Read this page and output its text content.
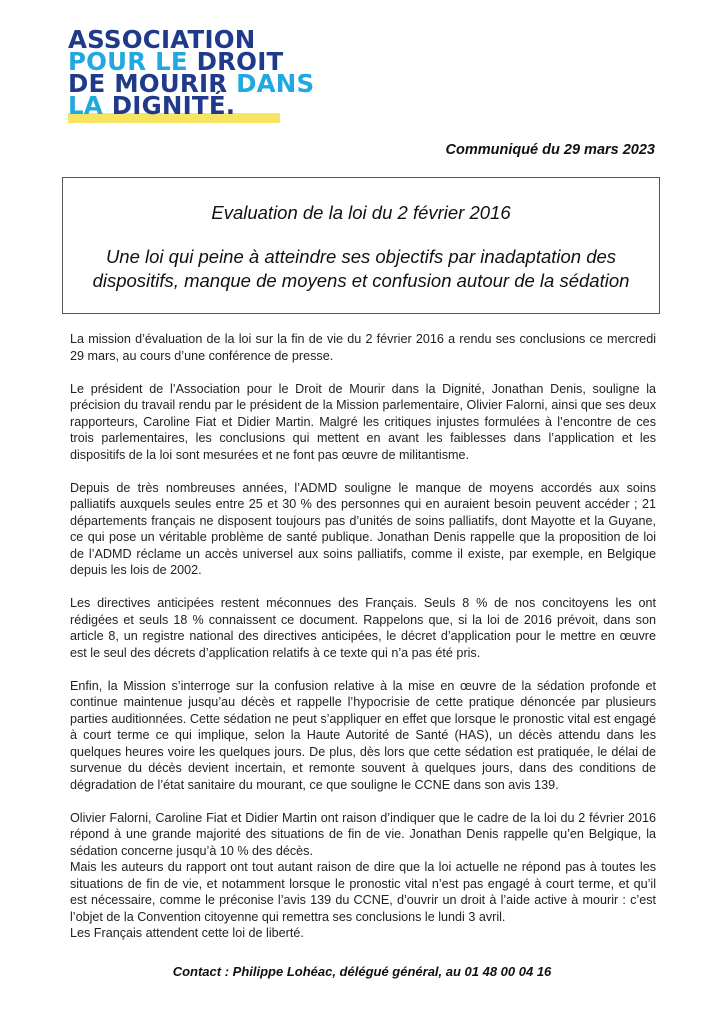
ASSOCIATION
POUR LE DROIT
DE MOURIR DANS
LA DIGNITÉ.
Communiqué du 29 mars 2023
Evaluation de la loi du 2 février 2016
Une loi qui peine à atteindre ses objectifs par inadaptation des dispositifs, manque de moyens et confusion autour de la sédation

La mission d’évaluation de la loi sur la fin de vie du 2 février 2016 a rendu ses conclusions ce mercredi 29 mars, au cours d’une conférence de presse.

Le président de l’Association pour le Droit de Mourir dans la Dignité, Jonathan Denis, souligne la précision du travail rendu par le président de la Mission parlementaire, Olivier Falorni, ainsi que ses deux rapporteurs, Caroline Fiat et Didier Martin. Malgré les critiques injustes formulées à l’encontre de ces trois parlementaires, les conclusions qui mettent en avant les faiblesses dans l’application et les dispositifs de la loi sont mesurées et ne font pas œuvre de militantisme.

Depuis de très nombreuses années, l’ADMD souligne le manque de moyens accordés aux soins palliatifs auxquels seules entre 25 et 30 % des personnes qui en auraient besoin peuvent accéder ; 21 départements français ne disposent toujours pas d’unités de soins palliatifs, dont Mayotte et la Guyane, ce qui pose un véritable problème de santé publique. Jonathan Denis rappelle que la proposition de loi de l’ADMD réclame un accès universel aux soins palliatifs, comme il existe, par exemple, en Belgique depuis les lois de 2002.

Les directives anticipées restent méconnues des Français. Seuls 8 % de nos concitoyens les ont rédigées et seuls 18 % connaissent ce document. Rappelons que, si la loi de 2016 prévoit, dans son article 8, un registre national des directives anticipées, le décret d’application pour le mettre en œuvre est le seul des décrets d’application relatifs à ce texte qui n’a pas été pris.

Enfin, la Mission s’interroge sur la confusion relative à la mise en œuvre de la sédation profonde et continue maintenue jusqu’au décès et rappelle l’hypocrisie de cette pratique dénoncée par plusieurs parties auditionnées. Cette sédation ne peut s’appliquer en effet que lorsque le pronostic vital est engagé à court terme ce qui implique, selon la Haute Autorité de Santé (HAS), un décès attendu dans les quelques heures voire les quelques jours. De plus, dès lors que cette sédation est pratiquée, le délai de survenue du décès devient incertain, et remonte souvent à quelques jours, dans des conditions de dégradation de l’état sanitaire du mourant, ce que souligne le CCNE dans son avis 139.

Olivier Falorni, Caroline Fiat et Didier Martin ont raison d’indiquer que le cadre de la loi du 2 février 2016 répond à une grande majorité des situations de fin de vie. Jonathan Denis rappelle qu’en Belgique, la sédation concerne jusqu’à 10 % des décès.

Mais les auteurs du rapport ont tout autant raison de dire que la loi actuelle ne répond pas à toutes les situations de fin de vie, et notamment lorsque le pronostic vital n’est pas engagé à court terme, et qu’il est nécessaire, comme le préconise l’avis 139 du CCNE, d’ouvrir un droit à l’aide active à mourir : c’est l’objet de la Convention citoyenne qui remettra ses conclusions le lundi 3 avril.

Les Français attendent cette loi de liberté.

Contact : Philippe Lohéac, délégué général, au 01 48 00 04 16
